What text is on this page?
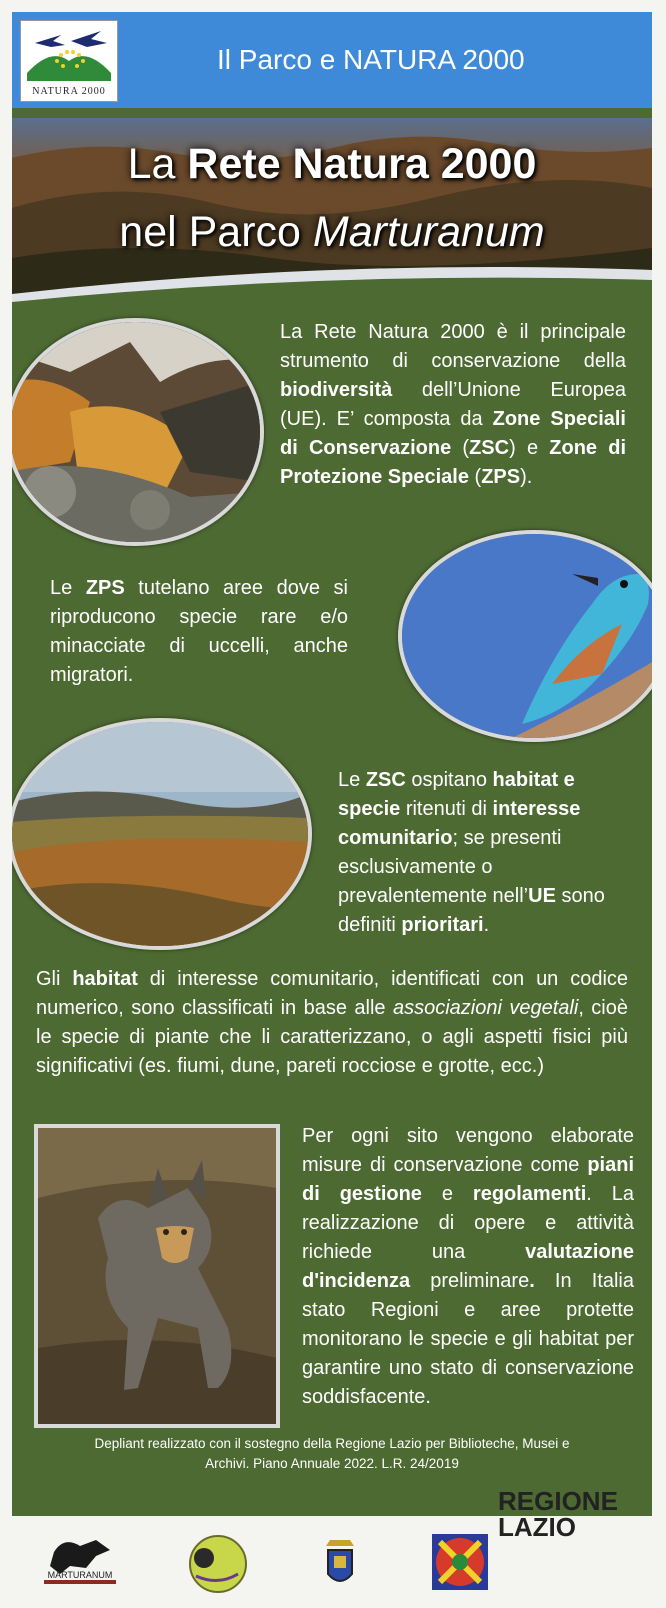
NATURA 2000
Il Parco e NATURA 2000
La Rete Natura 2000
nel Parco Marturanum

La Rete Natura 2000 è il principale strumento di conservazione della biodiversità dell’Unione Europea (UE). E’ composta da Zone Speciali di Conservazione (ZSC) e Zone di Protezione Speciale (ZPS).

Le ZPS tutelano aree dove si riproducono specie rare e/o minacciate di uccelli, anche migratori.

Le ZSC ospitano habitat e specie ritenuti di interesse comunitario; se presenti esclusivamente o prevalentemente nell’UE sono definiti prioritari.

Gli habitat di interesse comunitario, identificati con un codice numerico, sono classificati in base alle associazioni vegetali, cioè le specie di piante che li caratterizzano, o agli aspetti fisici più significativi (es. fiumi, dune, pareti rocciose e grotte, ecc.)

Per ogni sito vengono elaborate misure di conservazione come piani di gestione e regolamenti. La realizzazione di opere e attività richiede una valutazione d'incidenza preliminare. In Italia stato Regioni e aree protette monitorano le specie e gli habitat per garantire uno stato di conservazione soddisfacente.

Depliant realizzato con il sostegno della Regione Lazio per Biblioteche, Musei e
Archivi. Piano Annuale 2022. L.R. 24/2019
MARTURANUM
REGIONE
LAZIO
